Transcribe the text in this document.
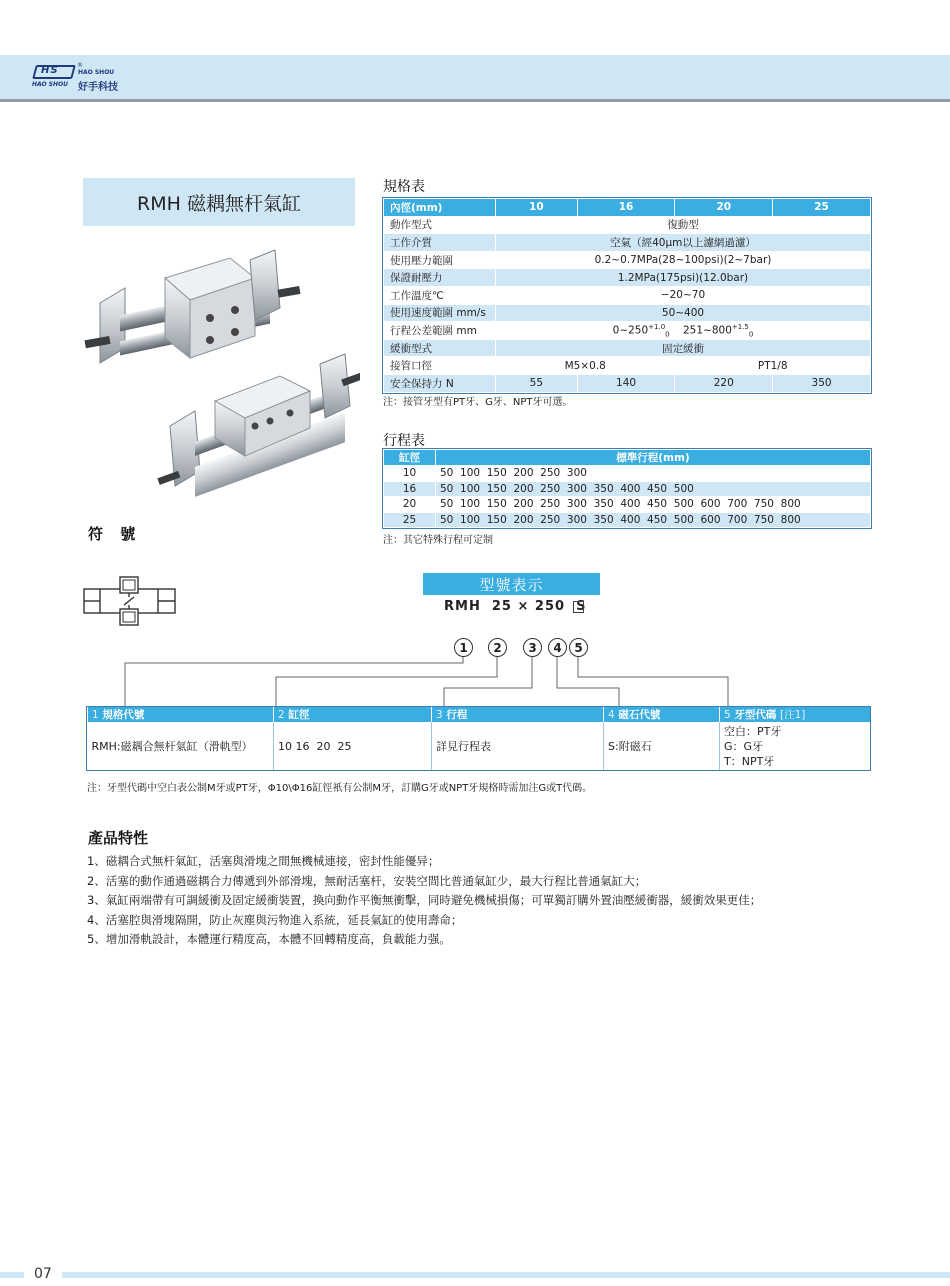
HS	®
HAO SHOU
HAO SHOU
好手科技
RMH 磁耦無杆氣缸
符 號
規格表
內徑(mm)	10	16	20	25
動作型式	復動型			
工作介質	空氣（經40μm以上濾網過濾）			
使用壓力範圍	0.2~0.7MPa(28~100psi)(2~7bar)			
保證耐壓力	1.2MPa(175psi)(12.0bar)			
工作溫度℃	−20~70			
使用速度範圍 mm/s	50~400			
行程公差範圍 mm	$0\sim 250^{+1.0}_0$ $251\sim 800^{+1.5}_0$
緩衝型式	固定緩衝			
接管口徑	M5×0.8		PT1/8	
安全保持力 N	55	140	220	350
注：接管牙型有PT牙、G牙、NPT牙可選。
行程表
缸徑	標準行程(mm)
10	50  100  150  200  250  300
16	50  100  150  200  250  300  350  400  450  500
20	50  100  150  200  250  300  350  400  450  500  600  700  750  800
25	50  100  150  200  250  300  350  400  450  500  600  700  750  800
注：其它特殊行程可定制
型號表示
RMH  25 × 250  S
1	2	3	4	5
1 規格代號	2 缸徑	3 行程	4 磁石代號	5 牙型代碼 [注1]
RMH:磁耦合無杆氣缸（滑軌型）	10 16  20  25	詳見行程表	S:附磁石	空白：PT牙
G：G牙
T：NPT牙
注：牙型代碼中空白表公制M牙或PT牙，Φ10\Φ16缸徑衹有公制M牙，訂購G牙或NPT牙規格時需加注G或T代碼。
產品特性
1、磁耦合式無杆氣缸，活塞與滑塊之間無機械連接，密封性能優异；
2、活塞的動作通過磁耦合力傳遞到外部滑塊，無耐活塞杆，安裝空間比普通氣缸少，最大行程比普通氣缸大；
3、氣缸兩端帶有可調緩衝及固定緩衝裝置，換向動作平衡無衝擊，同時避免機械損傷；可單獨訂購外置油壓緩衝器，緩衝效果更佳；
4、活塞腔與滑塊隔開，防止灰塵與污物進入系統，延長氣缸的使用壽命；
5、增加滑軌設計，本體運行精度高，本體不回轉精度高，負載能力强。
07
